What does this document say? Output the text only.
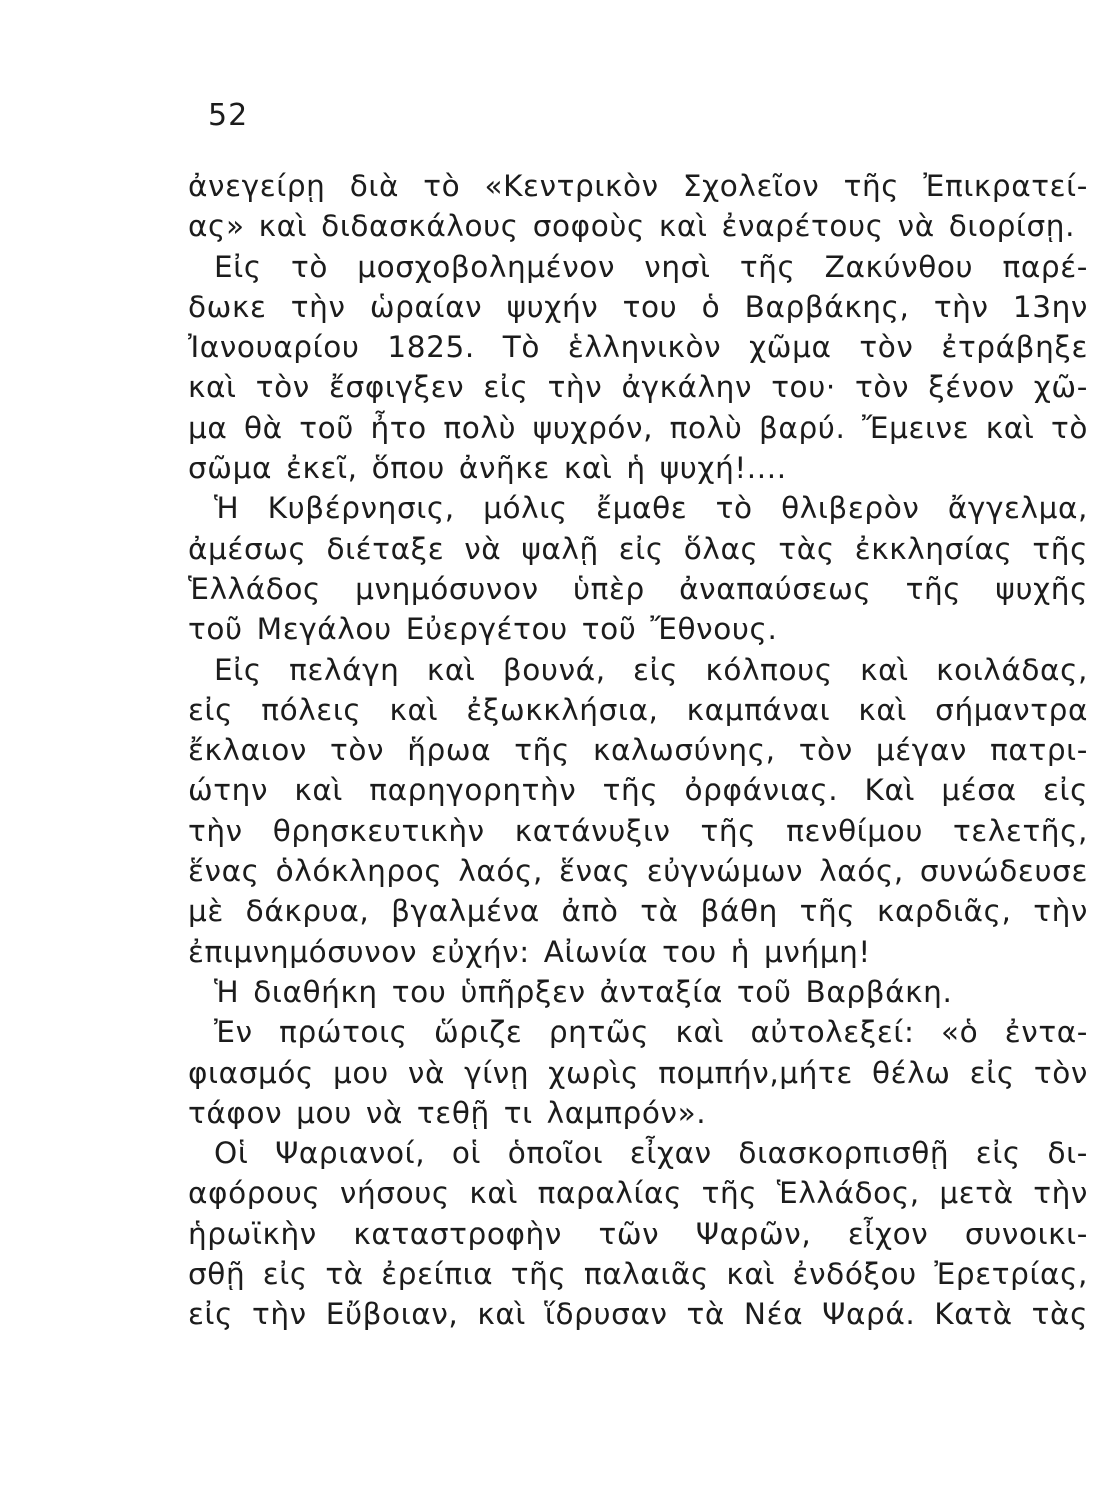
52
ἀνεγείρῃ διὰ τὸ «Κεντρικὸν Σχολεῖον τῆς Ἐπικρατεί-
ας» καὶ διδασκάλους σοφοὺς καὶ ἐναρέτους νὰ διορίσῃ.
Εἰς τὸ μοσχοβολημένον νησὶ τῆς Ζακύνθου παρέ-
δωκε τὴν ὡραίαν ψυχήν του ὁ Βαρβάκης, τὴν 13ην
Ἰανουαρίου 1825. Τὸ ἑλληνικὸν χῶμα τὸν ἐτράβηξε
καὶ τὸν ἔσφιγξεν εἰς τὴν ἀγκάλην του· τὸν ξένον χῶ-
μα θὰ τοῦ ἦτο πολὺ ψυχρόν, πολὺ βαρύ. Ἔμεινε καὶ τὸ
σῶμα ἐκεῖ, ὅπου ἀνῆκε καὶ ἡ ψυχή!....
Ἡ Κυβέρνησις, μόλις ἔμαθε τὸ θλιβερὸν ἄγγελμα,
ἀμέσως διέταξε νὰ ψαλῇ εἰς ὅλας τὰς ἐκκλησίας τῆς
Ἑλλάδος μνημόσυνον ὑπὲρ ἀναπαύσεως τῆς ψυχῆς
τοῦ Μεγάλου Εὐεργέτου τοῦ Ἔθνους.
Εἰς πελάγη καὶ βουνά, εἰς κόλπους καὶ κοιλάδας,
εἰς πόλεις καὶ ἐξωκκλήσια, καμπάναι καὶ σήμαντρα
ἔκλαιον τὸν ἥρωα τῆς καλωσύνης, τὸν μέγαν πατρι-
ώτην καὶ παρηγορητὴν τῆς ὀρφάνιας. Καὶ μέσα εἰς
τὴν θρησκευτικὴν κατάνυξιν τῆς πενθίμου τελετῆς,
ἕνας ὁλόκληρος λαός, ἕνας εὐγνώμων λαός, συνώδευσε
μὲ δάκρυα, βγαλμένα ἀπὸ τὰ βάθη τῆς καρδιᾶς, τὴν
ἐπιμνημόσυνον εὐχήν: Αἰωνία του ἡ μνήμη!
Ἡ διαθήκη του ὑπῆρξεν ἀνταξία τοῦ Βαρβάκη.
Ἐν πρώτοις ὥριζε ρητῶς καὶ αὐτολεξεί: «ὁ ἐντα-
φιασμός μου νὰ γίνῃ χωρὶς πομπήν,μήτε θέλω εἰς τὸν
τάφον μου νὰ τεθῇ τι λαμπρόν».
Οἱ Ψαριανοί, οἱ ὁποῖοι εἶχαν διασκορπισθῇ εἰς δι-
αφόρους νήσους καὶ παραλίας τῆς Ἑλλάδος, μετὰ τὴν
ἡρωϊκὴν καταστροφὴν τῶν Ψαρῶν, εἶχον συνοικι-
σθῇ εἰς τὰ ἐρείπια τῆς παλαιᾶς καὶ ἐνδόξου Ἐρετρίας,
εἰς τὴν Εὔβοιαν, καὶ ἵδρυσαν τὰ Νέα Ψαρά. Κατὰ τὰς
